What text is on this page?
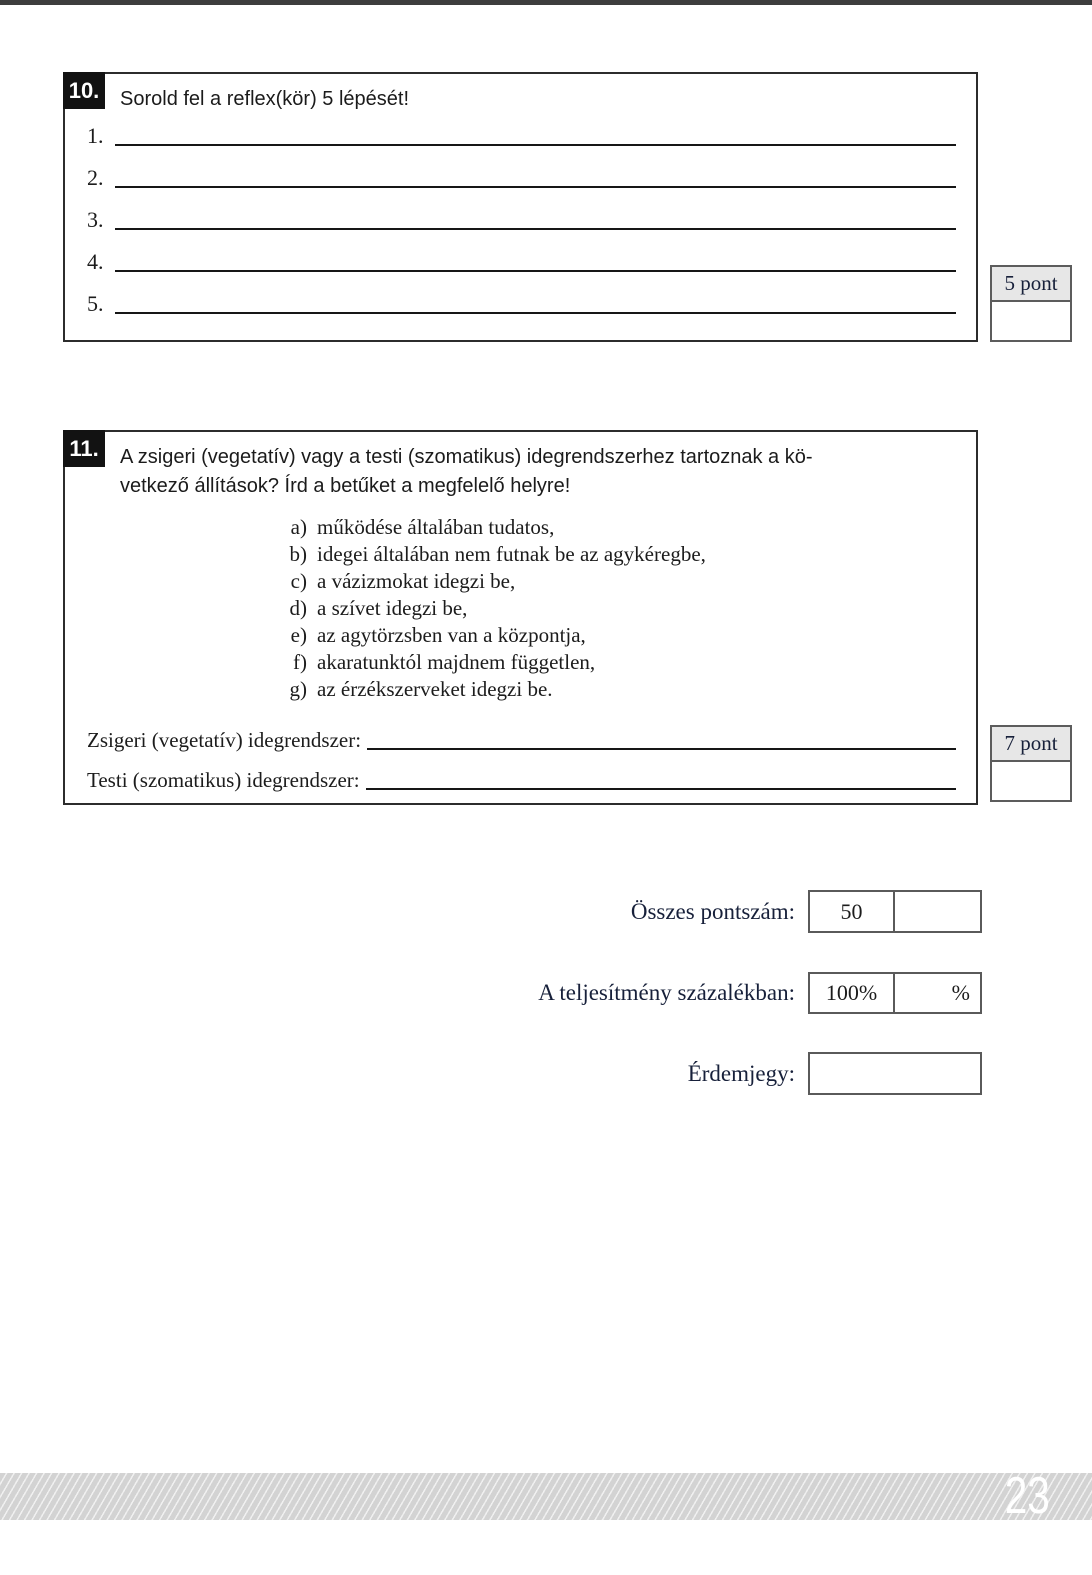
10. Sorold fel a reflex(kör) 5 lépését!
1.
2.
3.
4.
5.
5 pont
11.	A zsigeri (vegetatív) vagy a testi (szomatikus) idegrendszerhez tartoznak a kö-
vetkező állítások? Írd a betűket a megfelelő helyre!
a) működése általában tudatos,
b) idegei általában nem futnak be az agykéregbe,
c) a vázizmokat idegzi be,
d) a szívet idegzi be,
e) az agytörzsben van a központja,
f) akaratunktól majdnem független,
g) az érzékszerveket idegzi be.
Zsigeri (vegetatív) idegrendszer:
Testi (szomatikus) idegrendszer:
7 pont
Összes pontszám:	50
A teljesítmény százalékban:	100%	%
Érdemjegy:
23
